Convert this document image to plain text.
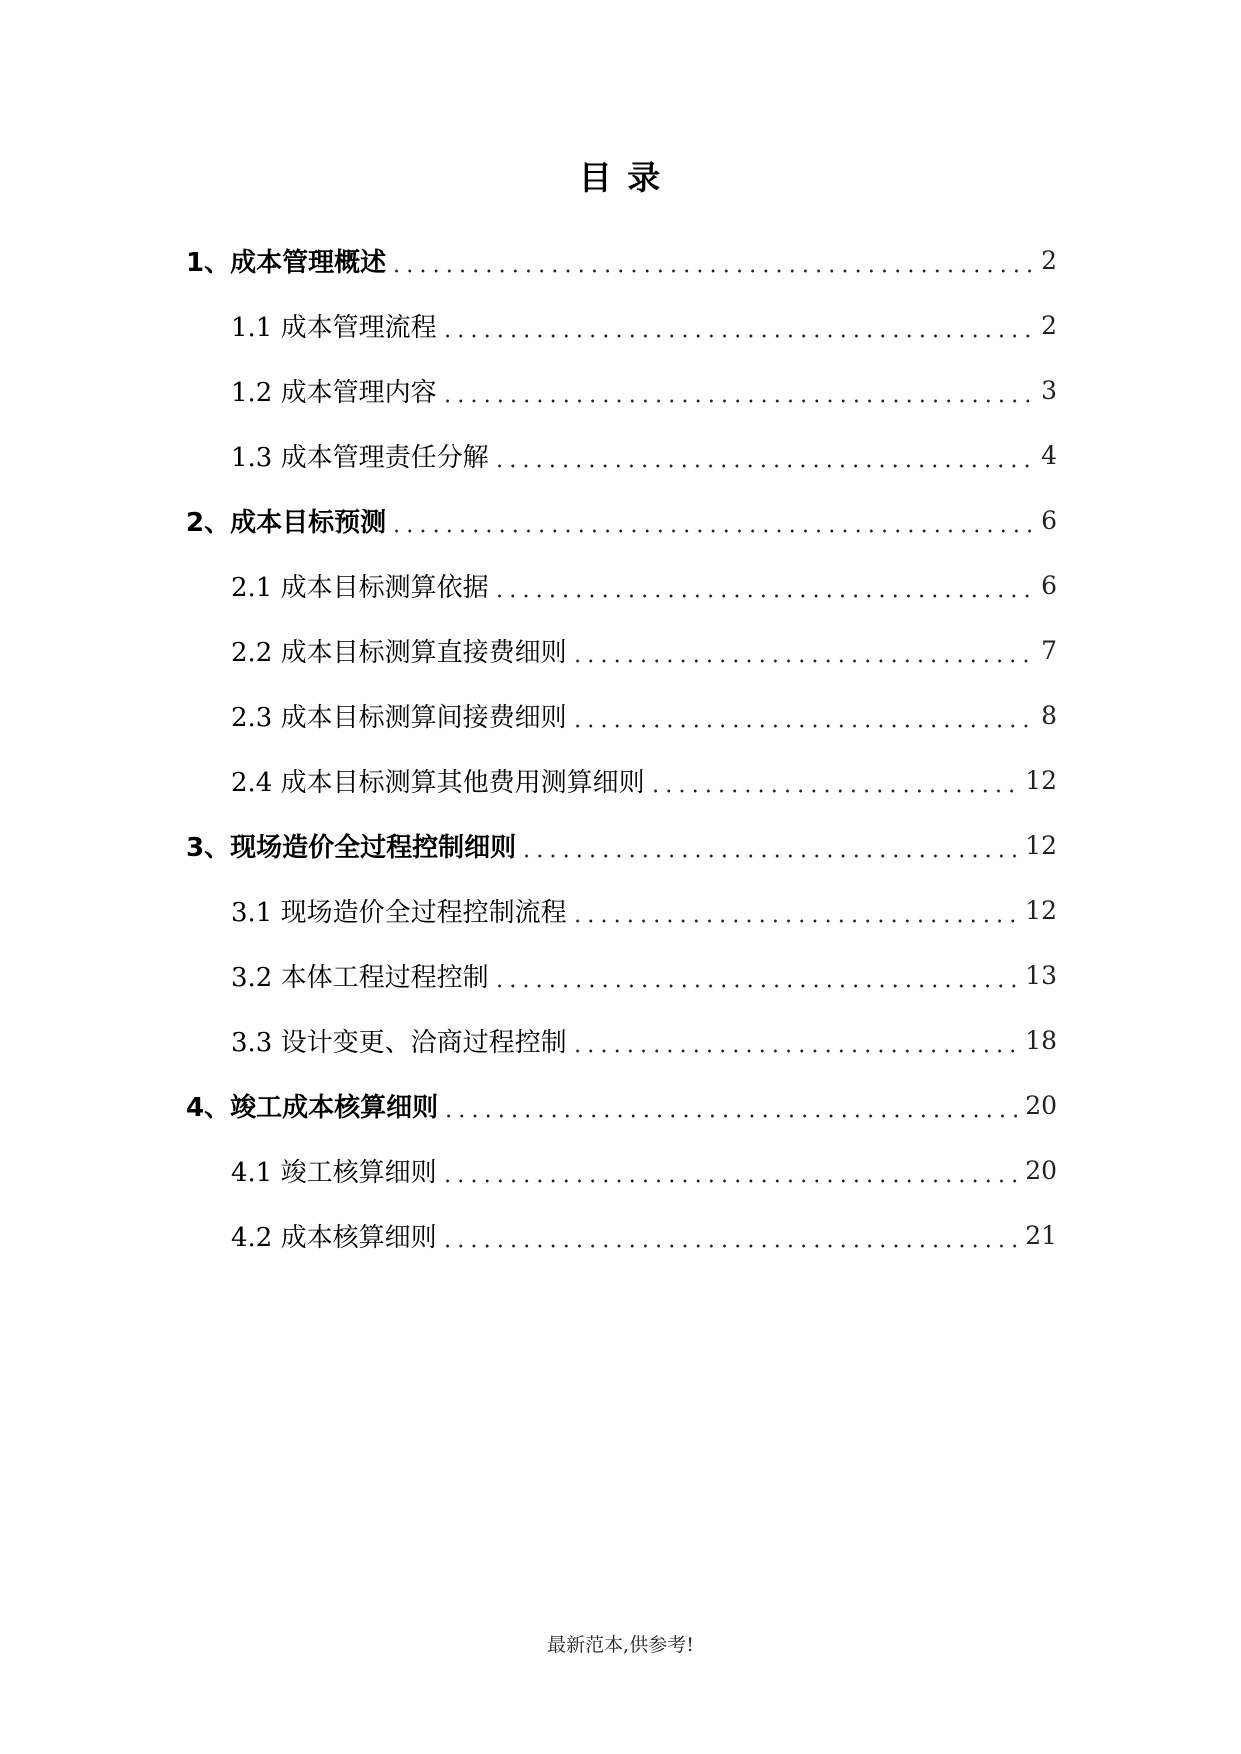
目 录
1、成本管理概述	2
1.1 成本管理流程	2
1.2 成本管理内容	3
1.3 成本管理责任分解	4
2、成本目标预测	6
2.1 成本目标测算依据	6
2.2 成本目标测算直接费细则	7
2.3 成本目标测算间接费细则	8
2.4 成本目标测算其他费用测算细则	12
3、现场造价全过程控制细则	12
3.1 现场造价全过程控制流程	12
3.2 本体工程过程控制	13
3.3 设计变更、洽商过程控制	18
4、竣工成本核算细则	20
4.1 竣工核算细则	20
4.2 成本核算细则	21
最新范本,供参考!
